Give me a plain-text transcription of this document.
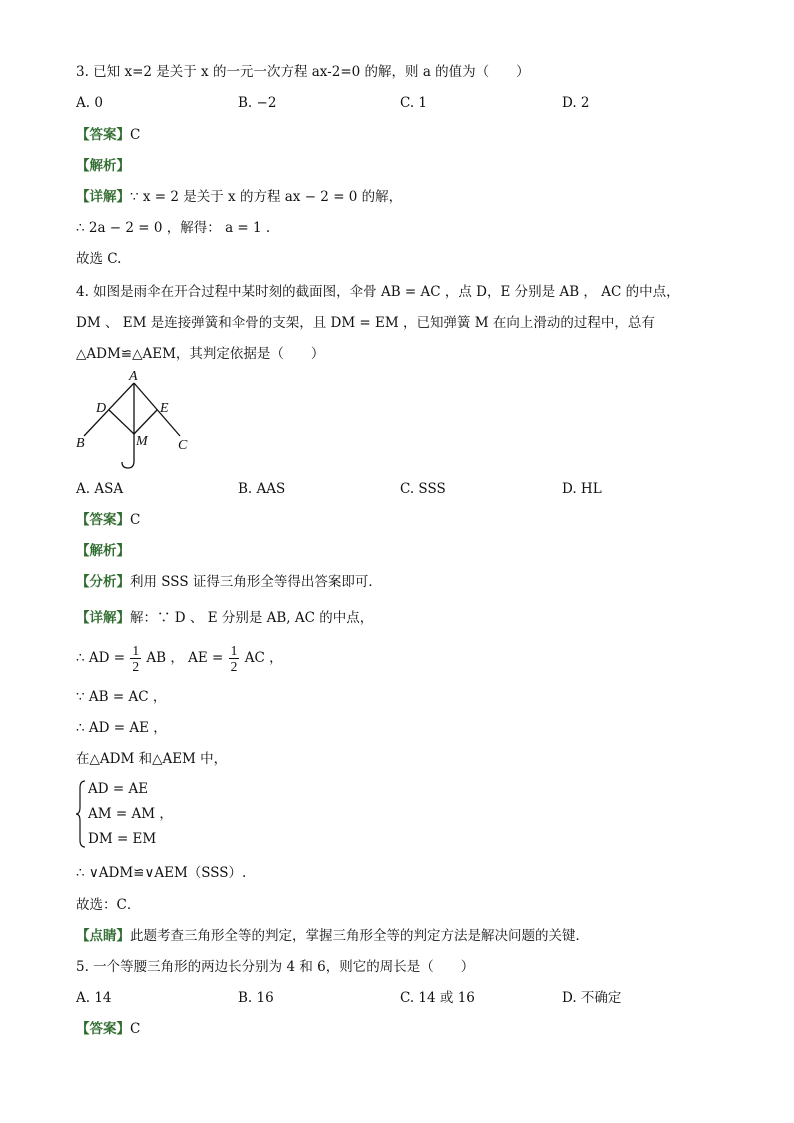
3. 已知 x=2 是关于 x 的一元一次方程 ax-2=0 的解，则 a 的值为（　　）
A. 0	B. −2	C. 1	D. 2
【答案】C
【解析】
【详解】∵ x = 2 是关于 x 的方程 ax − 2 = 0 的解，
∴ 2a − 2 = 0 ，解得： a = 1 .
故选 C.
4. 如图是雨伞在开合过程中某时刻的截面图，伞骨 AB = AC ，点 D，E 分别是 AB ， AC 的中点，
DM 、 EM 是连接弹簧和伞骨的支架，且 DM = EM ，已知弹簧 M 在向上滑动的过程中，总有
△ADM≌△AEM，其判定依据是（　　）
A
D	E
B	C
M
A. ASA	B. AAS	C. SSS	D. HL
【答案】C
【解析】
【分析】利用 SSS 证得三角形全等得出答案即可．
【详解】解：∵ D 、 E 分别是 AB, AC 的中点，
∴ AD = $\frac{1}{2}$ AB ， AE = $\frac{1}{2}$ AC ，
∵ AB = AC ，
∴ AD = AE ，
在△ADM 和△AEM 中，
AD = AE
AM = AM ，
DM = EM
∴ ∨ADM≌∨AEM（SSS）.
故选：C．
【点睛】此题考查三角形全等的判定，掌握三角形全等的判定方法是解决问题的关键．
5. 一个等腰三角形的两边长分别为 4 和 6，则它的周长是（　　）
A. 14	B. 16	C. 14 或 16	D. 不确定
【答案】C
